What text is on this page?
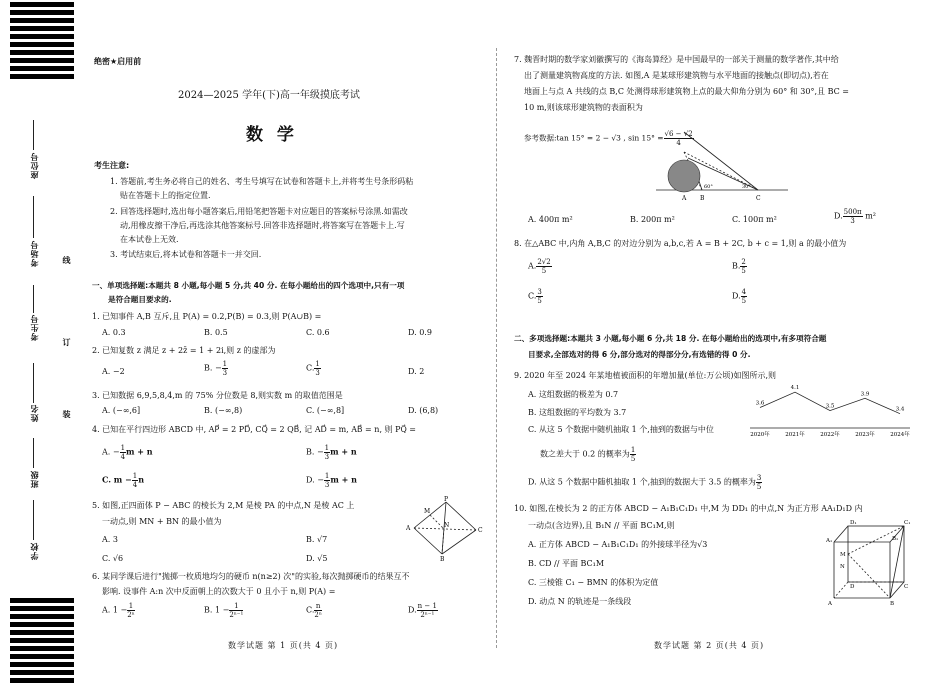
座位号
考场号
考生号
姓名
班级
学校
线
订
装
绝密★启用前
2024—2025 学年(下)高一年级摸底考试
数 学
考生注意:
1. 答题前,考生务必将自己的姓名、考生号填写在试卷和答题卡上,并将考生号条形码粘
贴在答题卡上的指定位置.
2. 回答选择题时,选出每小题答案后,用铅笔把答题卡对应题目的答案标号涂黑.如需改
动,用橡皮擦干净后,再选涂其他答案标号.回答非选择题时,将答案写在答题卡上.写
在本试卷上无效.
3. 考试结束后,将本试卷和答题卡一并交回.
一、单项选择题:本题共 8 小题,每小题 5 分,共 40 分. 在每小题给出的四个选项中,只有一项
是符合题目要求的.
1. 已知事件 A,B 互斥,且 P(A) = 0.2,P(B) = 0.3,则 P(A∪B) =
A. 0.3	B. 0.5	C. 0.6	D. 0.9
2. 已知复数 z 满足 z + 2z̄ = 1 + 2i,则 z 的虚部为
A. −2	B. − $\frac{1}{3}$	C. $\frac{1}{3}$	D. 2
3. 已知数据 6,9,5,8,4,m 的 75% 分位数是 8,则实数 m 的取值范围是
A. (−∞,6]	B. (−∞,8)	C. (−∞,8]	D. (6,8)
4. 已知在平行四边形 ABCD 中, AP⃗ = 2 PD⃗, CQ⃗ = 2 QB⃗, 记 AD⃗ = m, AB⃗ = n, 则 PQ⃗ =
A. − $\frac{1}{4}$ m + n	B. − $\frac{1}{3}$ m + n
C. $m - \frac{1}{4}$ n	D. − $\frac{1}{3}$ m + n
5. 如图,正四面体 P − ABC 的棱长为 2,M 是棱 PA 的中点,N 是棱 AC 上
一动点,则 MN + BN 的最小值为
A. 3	B. √7
C. √6	D. √5
P
M
A	N
C
B
6. 某同学课后进行"抛掷一枚质地均匀的硬币 n(n≥2) 次"的实验,每次抛掷硬币的结果互不
影响. 设事件 A:n 次中反面朝上的次数大于 0 且小于 n,则 P(A) =
A. $1 - \frac{1}{\text{2ⁿ}}$	B. $1 - \frac{1}{\text{2ⁿ⁻¹}}$	C. $\frac{n}{\text{2ⁿ}}$	D. $\frac{n - 1}{\text{2ⁿ⁻¹}}$
数学试题 第 1 页(共 4 页)
7. 魏晋时期的数学家刘徽撰写的《海岛算经》是中国最早的一部关于测量的数学著作,其中给
出了测量建筑物高度的方法. 如图,A 是某球形建筑物与水平地面的接触点(即切点),若在
地面上与点 A 共线的点 B,C 处测得球形建筑物上点的最大仰角分别为 60° 和 30°,且 BC =
10 m,则该球形建筑物的表面积为
参考数据:tan 15° = 2 − √3 , $\sin 15^\circ = \frac{√6 - √2}{4}$
A B	C
60°	30°
A. 400π m²	B. 200π m²	C. 100π m²	D. $\frac{500\pi}{3} m^2$
8. 在△ABC 中,内角 A,B,C 的对边分别为 a,b,c,若 A = B + 2C, b + c = 1,则 a 的最小值为
A. $\frac{2√2}{5}$	B. $\frac{2}{5}$
C. $\frac{3}{5}$	D. $\frac{4}{5}$
二、多项选择题:本题共 3 小题,每小题 6 分,共 18 分. 在每小题给出的选项中,有多项符合题
目要求,全部选对的得 6 分,部分选对的得部分分,有选错的得 0 分.
9. 2020 年至 2024 年某地植被面积的年增加量(单位:万公顷)如图所示,则
A. 这组数据的极差为 0.7
B. 这组数据的平均数为 3.7
C. 从这 5 个数据中随机抽取 1 个,抽到的数据与中位
数之差大于 0.2 的概率为 $\frac{1}{5}$
D. 从这 5 个数据中随机抽取 1 个,抽到的数据大于 3.5 的概率为 $\frac{3}{5}$
3.6
2020年
4.1
2021年
3.5
2022年
3.9
2023年
3.4
2024年
10. 如图,在棱长为 2 的正方体 ABCD − A₁B₁C₁D₁ 中,M 为 DD₁ 的中点,N 为正方形 AA₁D₁D 内
一动点(含边界),且 B₁N // 平面 BC₁M,则
A. 正方体 ABCD − A₁B₁C₁D₁ 的外接球半径为√3
B. CD // 平面 BC₁M
C. 三棱锥 C₁ − BMN 的体积为定值
D. 动点 N 的轨迹是一条线段
D₁	C₁
A₁	B₁
M
N
D	C
A	B
数学试题 第 2 页(共 4 页)
